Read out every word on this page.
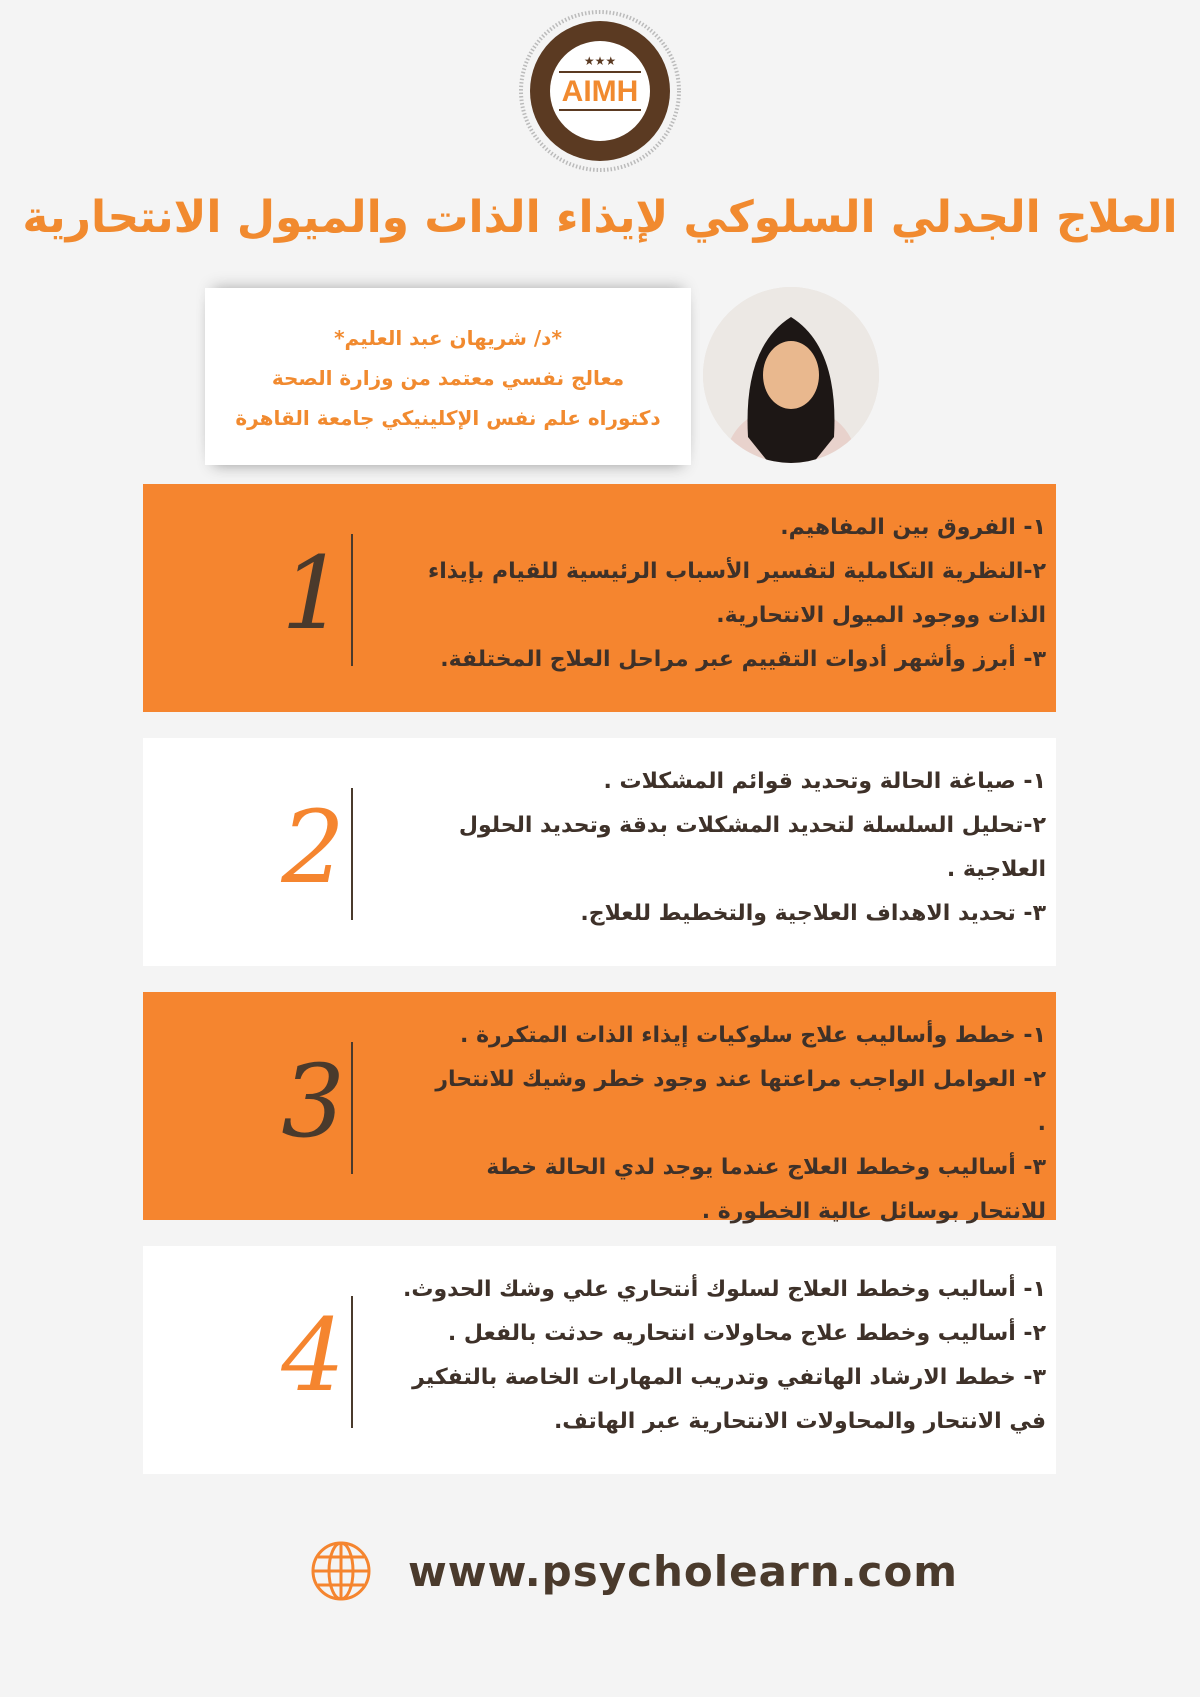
★★★
AIMH
العلاج الجدلي السلوكي لإيذاء الذات والميول الانتحارية
*د/ شريهان عبد العليم*
معالج نفسي معتمد من وزارة الصحة
دكتوراه علم نفس الإكلينيكي جامعة القاهرة
1
١- الفروق بين المفاهيم.
٢-النظرية التكاملية لتفسير الأسباب الرئيسية للقيام بإيذاء الذات ووجود الميول الانتحارية.
٣- أبرز وأشهر أدوات التقييم عبر مراحل العلاج المختلفة.
2
١- صياغة الحالة وتحديد قوائم المشكلات .
٢-تحليل السلسلة لتحديد المشكلات بدقة وتحديد الحلول العلاجية .
٣- تحديد الاهداف العلاجية والتخطيط للعلاج.
3
١- خطط وأساليب علاج سلوكيات إيذاء الذات المتكررة .
٢- العوامل الواجب مراعتها عند وجود خطر وشيك للانتحار .
٣- أساليب وخطط العلاج عندما يوجد لدي الحالة خطة للانتحار بوسائل عالية الخطورة .
4
١- أساليب وخطط العلاج لسلوك أنتحاري علي وشك الحدوث.
٢- أساليب وخطط علاج محاولات انتحاريه حدثت بالفعل .
٣- خطط الارشاد الهاتفي وتدريب المهارات الخاصة بالتفكير في الانتحار والمحاولات الانتحارية عبر الهاتف.
www.psycholearn.com
